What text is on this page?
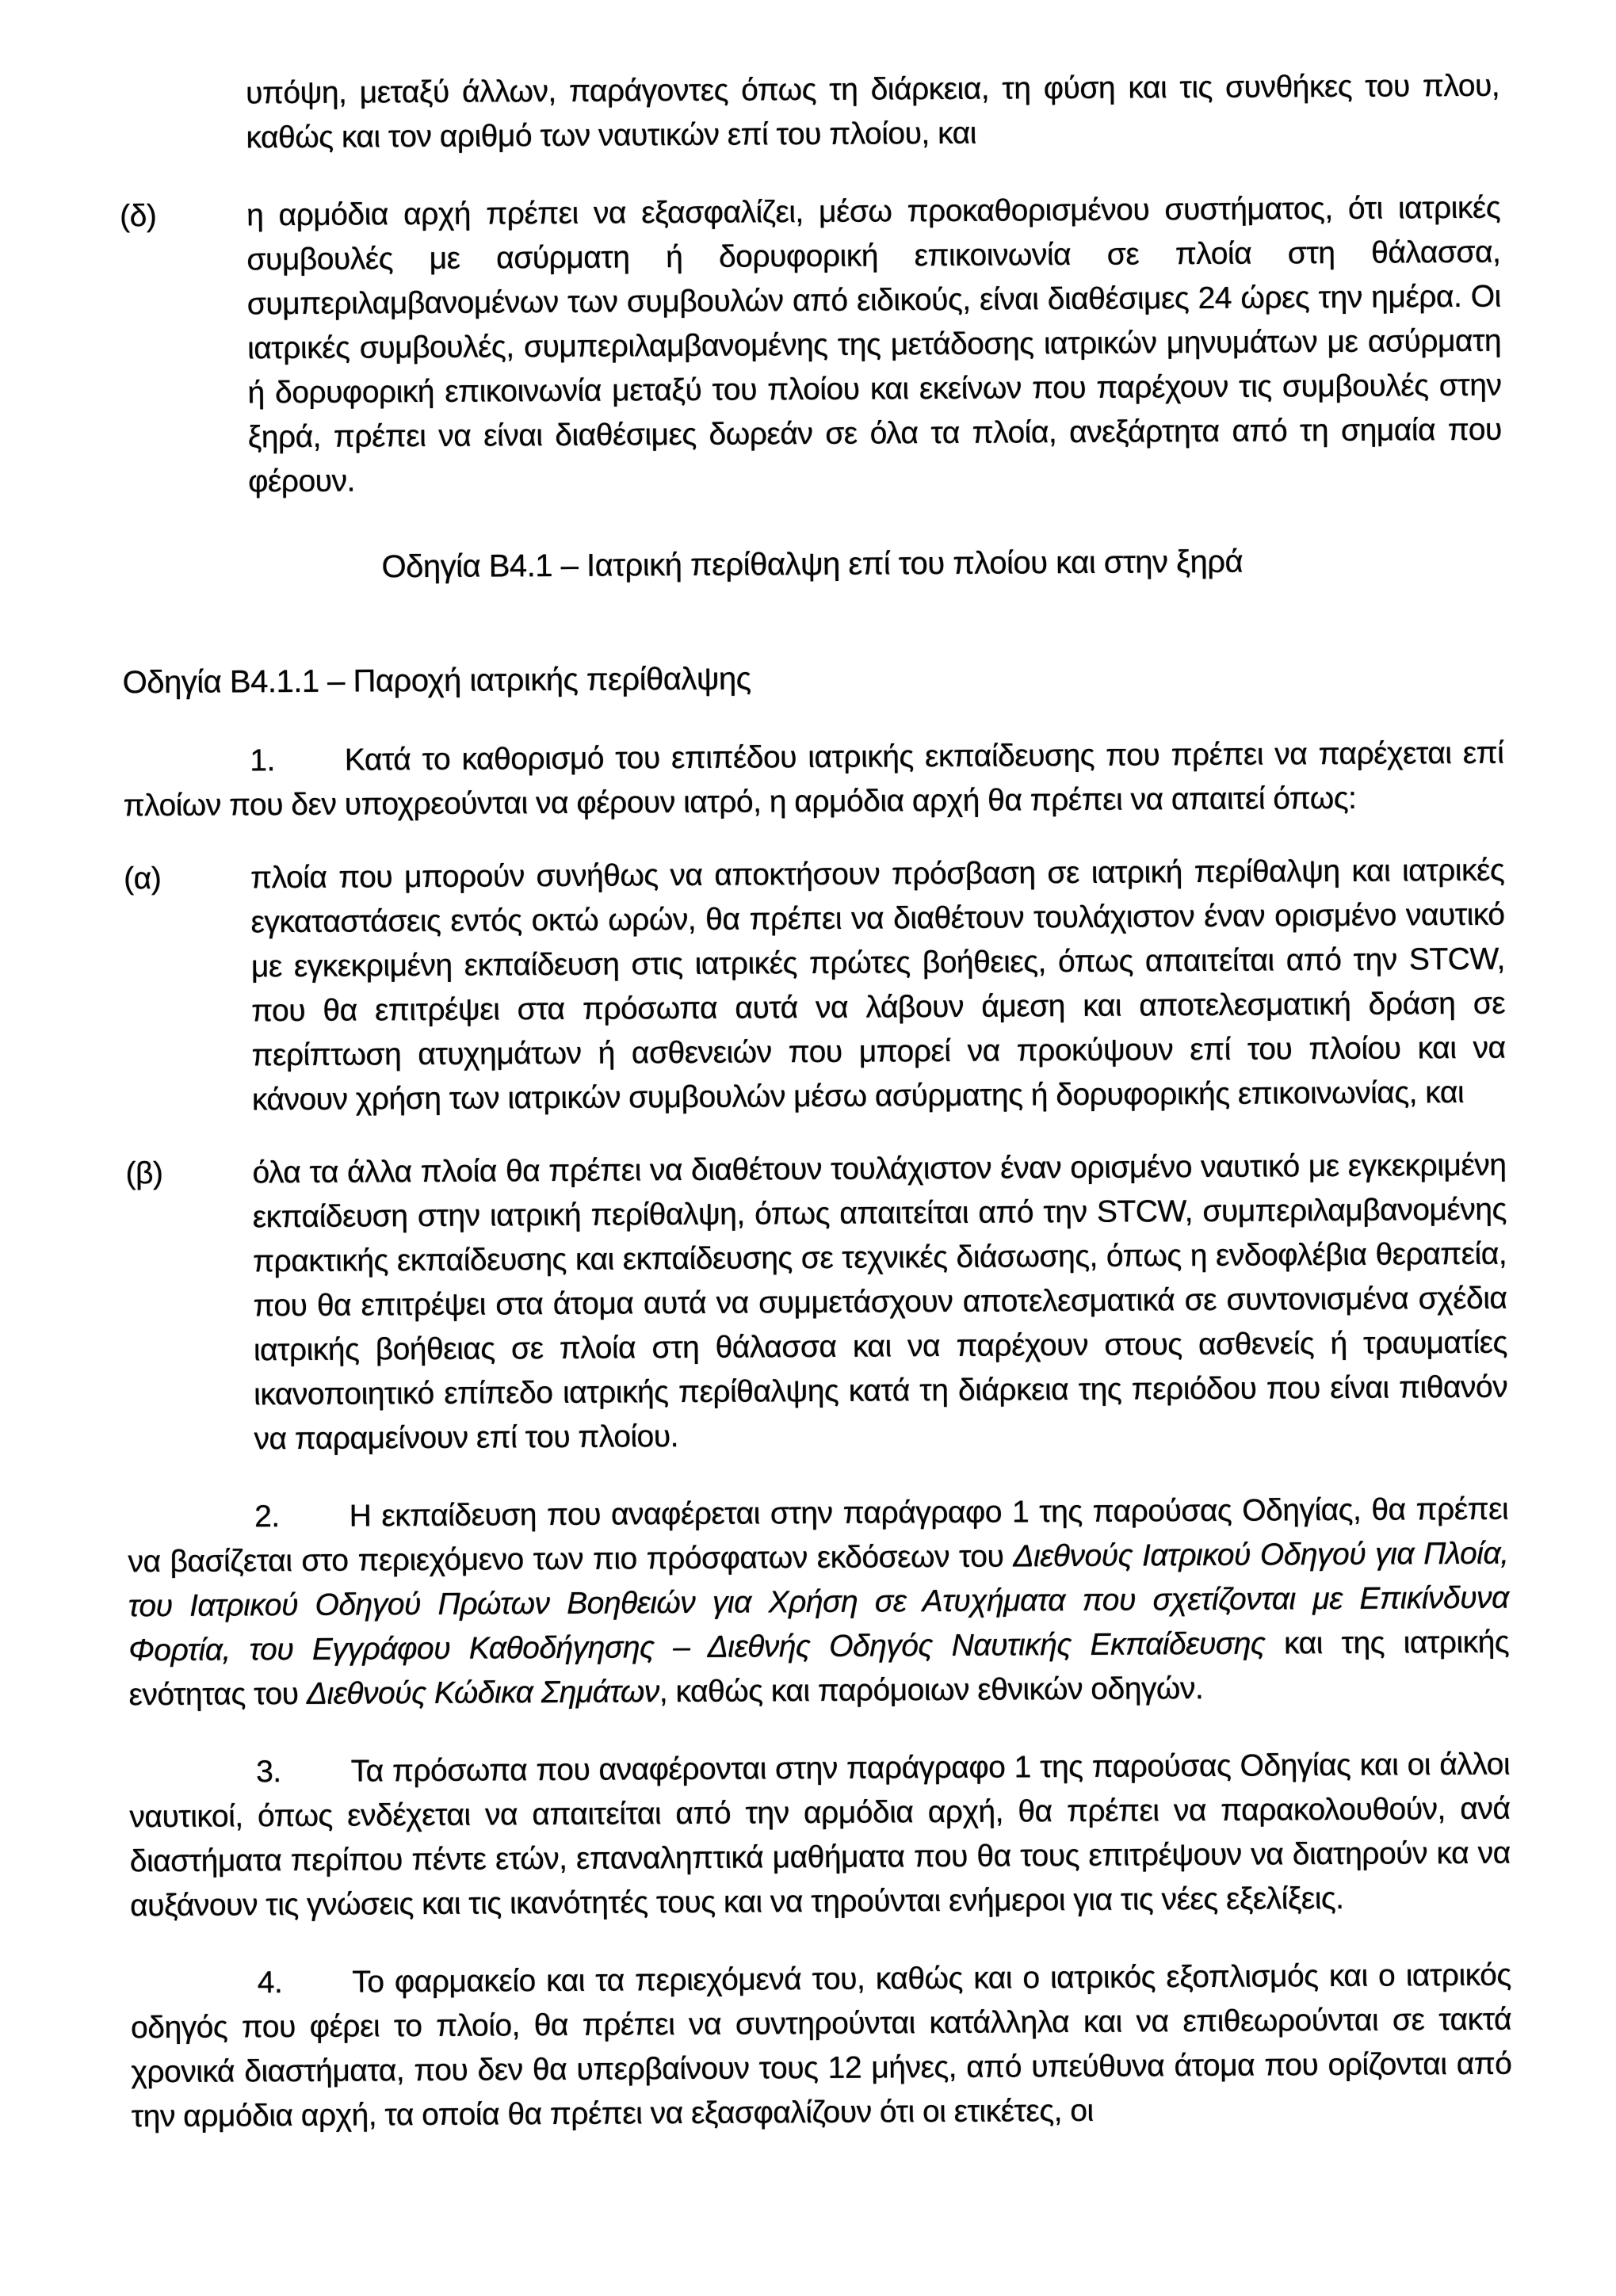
υπόψη, μεταξύ άλλων, παράγοντες όπως τη διάρκεια, τη φύση και τις συνθήκες του πλου, καθώς και τον αριθμό των ναυτικών επί του πλοίου, και

(δ)	η αρμόδια αρχή πρέπει να εξασφαλίζει, μέσω προκαθορισμένου συστήματος, ότι ιατρικές συμβουλές με ασύρματη ή δορυφορική επικοινωνία σε πλοία στη θάλασσα, συμπεριλαμβανομένων των συμβουλών από ειδικούς, είναι διαθέσιμες 24 ώρες την ημέρα. Οι ιατρικές συμβουλές, συμπεριλαμβανομένης της μετάδοσης ιατρικών μηνυμάτων με ασύρματη ή δορυφορική επικοινωνία μεταξύ του πλοίου και εκείνων που παρέχουν τις συμβουλές στην ξηρά, πρέπει να είναι διαθέσιμες δωρεάν σε όλα τα πλοία, ανεξάρτητα από τη σημαία που φέρουν.

Οδηγία B4.1 – Ιατρική περίθαλψη επί του πλοίου και στην ξηρά
Οδηγία B4.1.1 – Παροχή ιατρικής περίθαλψης

1. Κατά το καθορισμό του επιπέδου ιατρικής εκπαίδευσης που πρέπει να παρέχεται επί πλοίων που δεν υποχρεούνται να φέρουν ιατρό, η αρμόδια αρχή θα πρέπει να απαιτεί όπως:

(α)	πλοία που μπορούν συνήθως να αποκτήσουν πρόσβαση σε ιατρική περίθαλψη και ιατρικές εγκαταστάσεις εντός οκτώ ωρών, θα πρέπει να διαθέτουν τουλάχιστον έναν ορισμένο ναυτικό με εγκεκριμένη εκπαίδευση στις ιατρικές πρώτες βοήθειες, όπως απαιτείται από την STCW, που θα επιτρέψει στα πρόσωπα αυτά να λάβουν άμεση και αποτελεσματική δράση σε περίπτωση ατυχημάτων ή ασθενειών που μπορεί να προκύψουν επί του πλοίου και να κάνουν χρήση των ιατρικών συμβουλών μέσω ασύρματης ή δορυφορικής επικοινωνίας, και

(β)	όλα τα άλλα πλοία θα πρέπει να διαθέτουν τουλάχιστον έναν ορισμένο ναυτικό με εγκεκριμένη εκπαίδευση στην ιατρική περίθαλψη, όπως απαιτείται από την STCW, συμπεριλαμβανομένης πρακτικής εκπαίδευσης και εκπαίδευσης σε τεχνικές διάσωσης, όπως η ενδοφλέβια θεραπεία, που θα επιτρέψει στα άτομα αυτά να συμμετάσχουν αποτελεσματικά σε συντονισμένα σχέδια ιατρικής βοήθειας σε πλοία στη θάλασσα και να παρέχουν στους ασθενείς ή τραυματίες ικανοποιητικό επίπεδο ιατρικής περίθαλψης κατά τη διάρκεια της περιόδου που είναι πιθανόν να παραμείνουν επί του πλοίου.

2. Η εκπαίδευση που αναφέρεται στην παράγραφο 1 της παρούσας Οδηγίας, θα πρέπει να βασίζεται στο περιεχόμενο των πιο πρόσφατων εκδόσεων του Διεθνούς Ιατρικού Οδηγού για Πλοία, του Ιατρικού Οδηγού Πρώτων Βοηθειών για Χρήση σε Ατυχήματα που σχετίζονται με Επικίνδυνα Φορτία, του Εγγράφου Καθοδήγησης – Διεθνής Οδηγός Ναυτικής Εκπαίδευσης και της ιατρικής ενότητας του Διεθνούς Κώδικα Σημάτων, καθώς και παρόμοιων εθνικών οδηγών.

3. Τα πρόσωπα που αναφέρονται στην παράγραφο 1 της παρούσας Οδηγίας και οι άλλοι ναυτικοί, όπως ενδέχεται να απαιτείται από την αρμόδια αρχή, θα πρέπει να παρακολουθούν, ανά διαστήματα περίπου πέντε ετών, επαναληπτικά μαθήματα που θα τους επιτρέψουν να διατηρούν κα να αυξάνουν τις γνώσεις και τις ικανότητές τους και να τηρούνται ενήμεροι για τις νέες εξελίξεις.

4. Το φαρμακείο και τα περιεχόμενά του, καθώς και ο ιατρικός εξοπλισμός και ο ιατρικός οδηγός που φέρει το πλοίο, θα πρέπει να συντηρούνται κατάλληλα και να επιθεωρούνται σε τακτά χρονικά διαστήματα, που δεν θα υπερβαίνουν τους 12 μήνες, από υπεύθυνα άτομα που ορίζονται από την αρμόδια αρχή, τα οποία θα πρέπει να εξασφαλίζουν ότι οι ετικέτες, οι
